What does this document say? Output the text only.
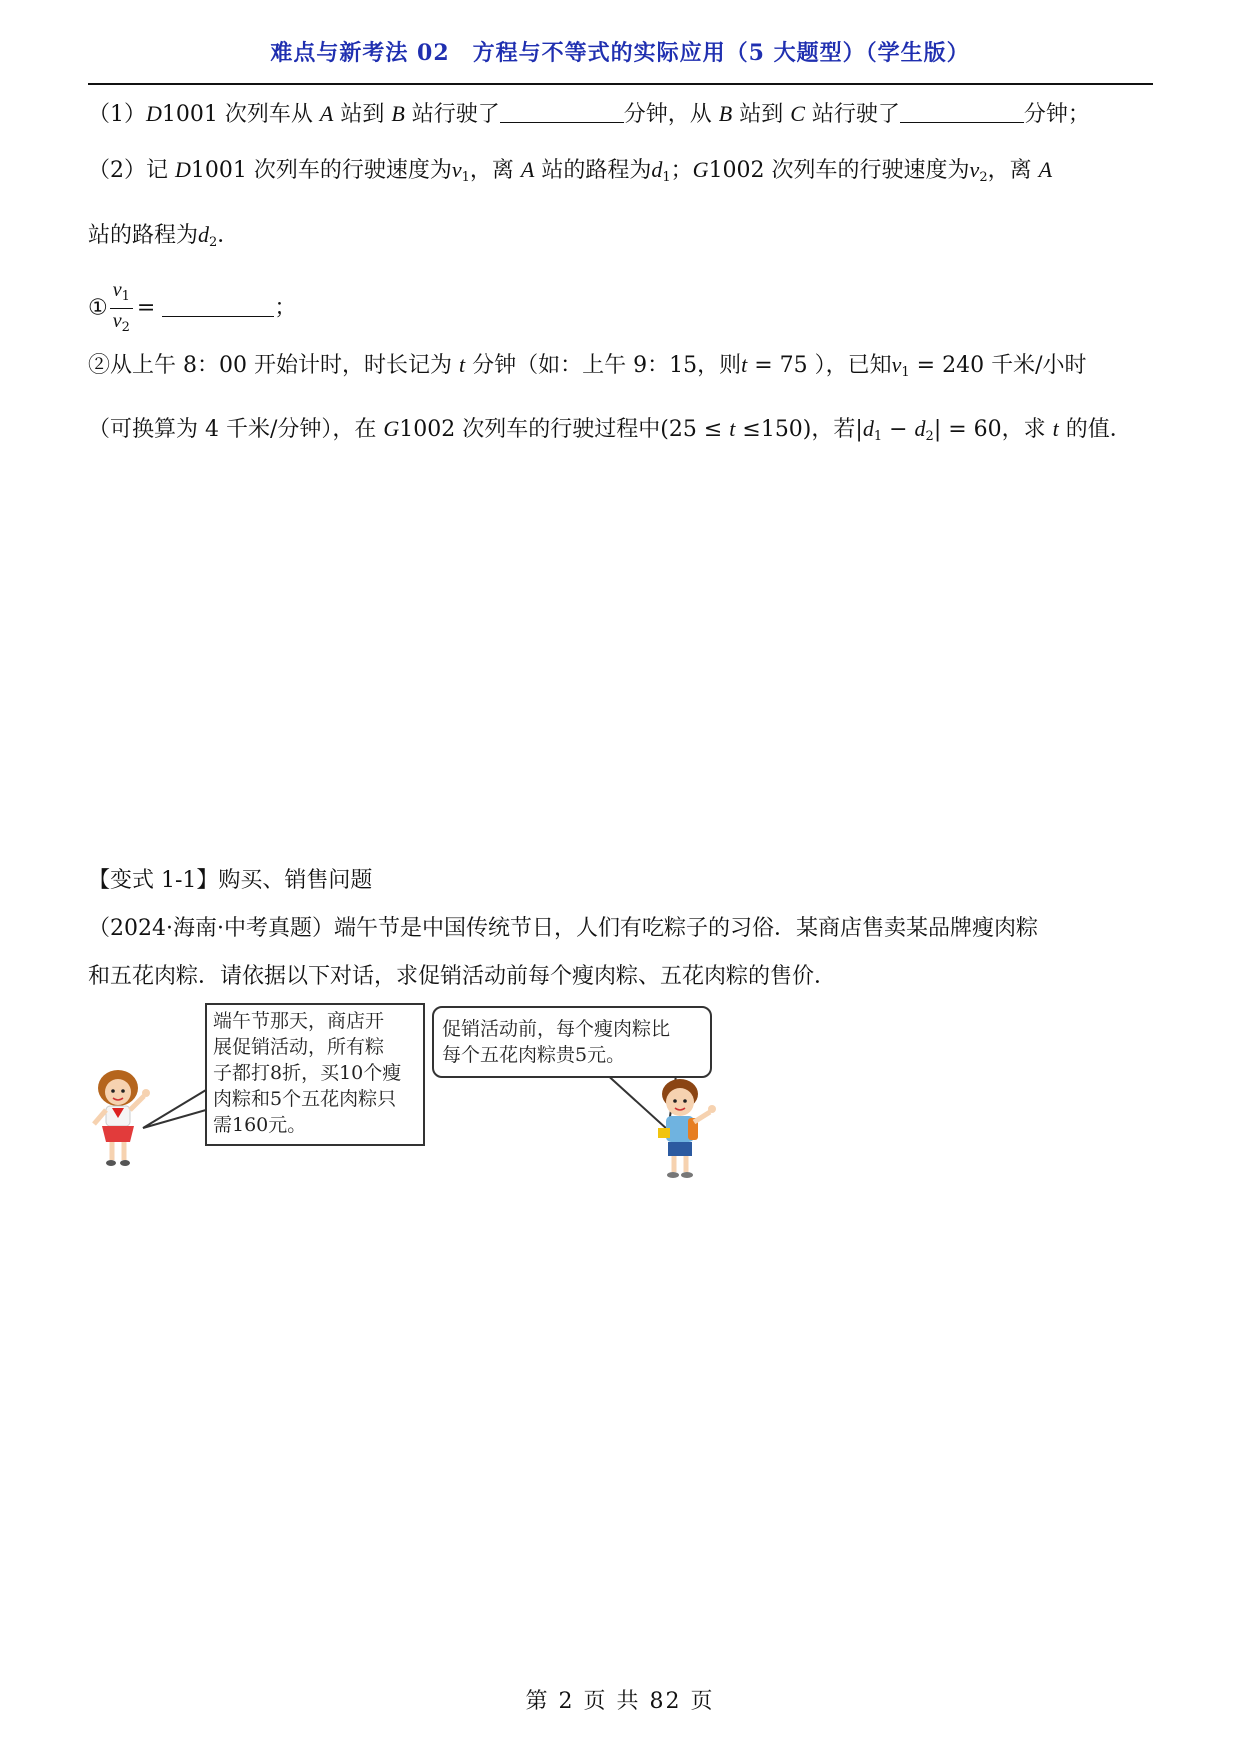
难点与新考法 02　方程与不等式的实际应用（5 大题型）（学生版）
（1）D1001 次列车从 A 站到 B 站行驶了	分钟，从 B 站到 C 站行驶了	分钟；
（2）记 D1001 次列车的行驶速度为$v_1$，离 A 站的路程为$d_1$；G1002 次列车的行驶速度为$v_2$，离 A
站的路程为$d_2$．
① $\frac{v_1}{v_2}$ =	；
②从上午 8：00 开始计时，时长记为 t 分钟（如：上午 9：15，则t = 75 ），已知$v_1 = 240$ 千米/小时
（可换算为 4 千米/分钟），在 G1002 次列车的行驶过程中(25 ≤ t ≤150)，若$|d_1 - d_2| = 60$，求 t 的值．
【变式 1-1】购买、销售问题
（2024·海南·中考真题）端午节是中国传统节日，人们有吃粽子的习俗．某商店售卖某品牌瘦肉粽
和五花肉粽．请依据以下对话，求促销活动前每个瘦肉粽、五花肉粽的售价．
端午节那天，商店开
展促销活动，所有粽
子都打8折，买10个瘦
肉粽和5个五花肉粽只
需160元。
促销活动前，每个瘦肉粽比
每个五花肉粽贵5元。
第 2 页 共 82 页
